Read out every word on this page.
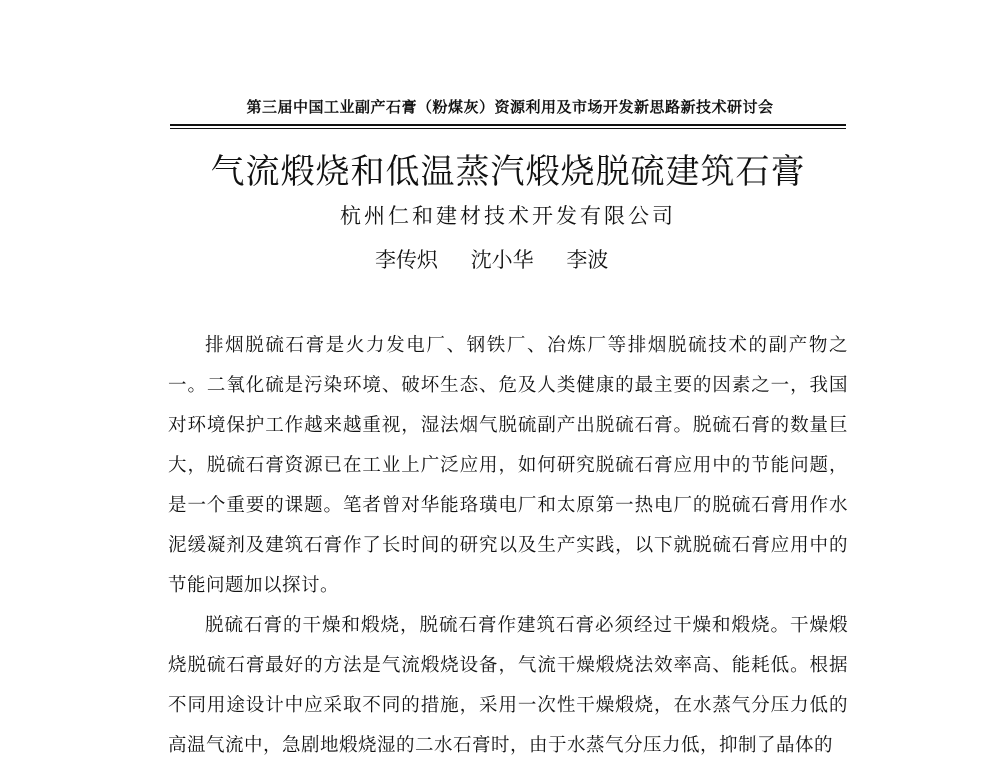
第三届中国工业副产石膏（粉煤灰）资源利用及市场开发新思路新技术研讨会
气流煅烧和低温蒸汽煅烧脱硫建筑石膏
杭州仁和建材技术开发有限公司
李传炽 沈小华 李波

排烟脱硫石膏是火力发电厂、钢铁厂、冶炼厂等排烟脱硫技术的副产物之一。二氧化硫是污染环境、破坏生态、危及人类健康的最主要的因素之一，我国对环境保护工作越来越重视，湿法烟气脱硫副产出脱硫石膏。脱硫石膏的数量巨大，脱硫石膏资源已在工业上广泛应用，如何研究脱硫石膏应用中的节能问题，是一个重要的课题。笔者曾对华能珞璜电厂和太原第一热电厂的脱硫石膏用作水泥缓凝剂及建筑石膏作了长时间的研究以及生产实践，以下就脱硫石膏应用中的节能问题加以探讨。

脱硫石膏的干燥和煅烧，脱硫石膏作建筑石膏必须经过干燥和煅烧。干燥煅烧脱硫石膏最好的方法是气流煅烧设备，气流干燥煅烧法效率高、能耗低。根据不同用途设计中应采取不同的措施，采用一次性干燥煅烧，在水蒸气分压力低的高温气流中，急剧地煅烧湿的二水石膏时，由于水蒸气分压力低，抑制了晶体的
